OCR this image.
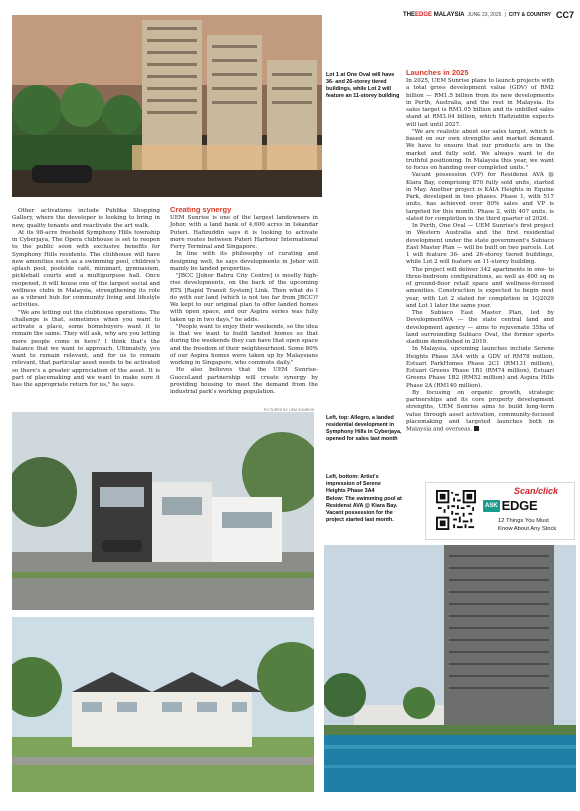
THEEDGE MALAYSIA JUNE 23, 2025 | CITY & COUNTRY CC7
Lot 1 at One Oval will have 36- and 26-storey tiered buildings, while Lot 2 will feature an 11-storey building

Other activations include Publika Shopping Gallery, where the developer is looking to bring in new, quality tenants and reactivate the art walk.

At its 98-acre freehold Symphony Hills township in Cyberjaya, The Opera clubhouse is set to reopen to the public soon with exclusive benefits for Symphony Hills residents. The clubhouse will have new amenities such as a swimming pool, children's splash pool, poolside café, minimart, gymnasium, pickleball courts and a multipurpose hall. Once reopened, it will house one of the largest social and wellness clubs in Malaysia, strengthening its role as a vibrant hub for community living and lifestyle activities.

"We are letting out the clubhouse operations. The challenge is that, sometimes when you want to activate a place, some homebuyers want it to remain the same. They will ask, why are you letting more people come in here? I think that's the balance that we want to approach. Ultimately, you want to remain relevant, and for us to remain relevant, that particular asset needs to be activated so there's a greater appreciation of the asset. It is part of placemaking and we want to make sure it has the appropriate return for us," he says.

Creating synergy

UEM Sunrise is one of the largest landowners in Johor, with a land bank of 4,600 acres in Iskandar Puteri. Hafizuddin says it is looking to activate more routes between Puteri Harbour International Ferry Terminal and Singapore.

In line with its philosophy of curating and designing well, he says developments in Johor will mainly be landed properties.

"JBCC [Johor Bahru City Centre] is mostly high-rise developments, on the back of the upcoming RTS [Rapid Transit System] Link. Then what do I do with our land (which is not too far from JBCC)? We kept to our original plan to offer landed homes with open space, and our Aspira series was fully taken up in two days," he adds.

"People want to enjoy their weekends, so the idea is that we want to build landed homes so that during the weekends they can have that open space and the freedom of their neighbourhood. Some 80% of our Aspira homes were taken up by Malaysians working in Singapore, who commute daily."

He also believes that the UEM Sunrise-GuocoLand partnership will create synergy by providing housing to meet the demand from the industrial park's working population.

Launches in 2025

In 2025, UEM Sunrise plans to launch projects with a total gross development value (GDV) of RM2 billion — RM1.5 billion from its new developments in Perth, Australia, and the rest in Malaysia. Its sales target is RM1.05 billion and its unbilled sales stand at RM3.04 billion, which Hafizuddin expects will last until 2027.

"We are realistic about our sales target, which is based on our own strengths and market demand. We have to ensure that our products are in the market and fully sold. We always want to do truthful positioning. In Malaysia this year, we want to focus on handing over completed units."

Vacant possession (VP) for Residensi AVA @ Kiara Bay, comprising 870 fully sold units, started in May. Another project is KAIA Heights in Equine Park, developed in two phases. Phase 1, with 517 units, has achieved over 80% sales and VP is targeted for this month. Phase 2, with 407 units, is slated for completion in the third quarter of 2026.

In Perth, One Oval — UEM Sunrise's first project in Western Australia and the first residential development under the state government's Subiaco East Master Plan — will be built on two parcels. Lot 1 will feature 36- and 26-storey tiered buildings, while Lot 2 will feature an 11-storey building.

The project will deliver 342 apartments in one- to three-bedroom configurations, as well as 400 sq m of ground-floor retail space and wellness-focused amenities. Construction is expected to begin next year, with Lot 2 slated for completion in 1Q2029 and Lot 1 later the same year.

The Subiaco East Master Plan, led by DevelopmentWA — the state central land and development agency — aims to rejuvenate 35ha of land surrounding Subiaco Oval, the former sports stadium demolished in 2019.

In Malaysia, upcoming launches include Serene Heights Phase 3A4 with a GDV of RM78 million, Estuari ParkHomes Phase 2C1 (RM131 million), Estuari Greens Phase 1B1 (RM74 million), Estuari Greens Phase 1B2 (RM52 million) and Aspira Hills Phase 2A (RM140 million).

By focusing on organic growth, strategic partnerships and its core property development strengths, UEM Sunrise aims to build long-term value through asset activation, community-focused placemaking and targeted launches both in Malaysia and overseas.

PICTURES BY UEM SUNRISE
Left, top: Allegro, a landed residential development in Symphony Hills in Cyberjaya, opened for sales last month
Left, bottom: Artist's impression of Serene Heights Phase 3A4
Below: The swimming pool at Residensi AVA @ Kiara Bay. Vacant possession for the project started last month.
Scan/click
ASK EDGE
12 Things You Must
Know About Any Stock
